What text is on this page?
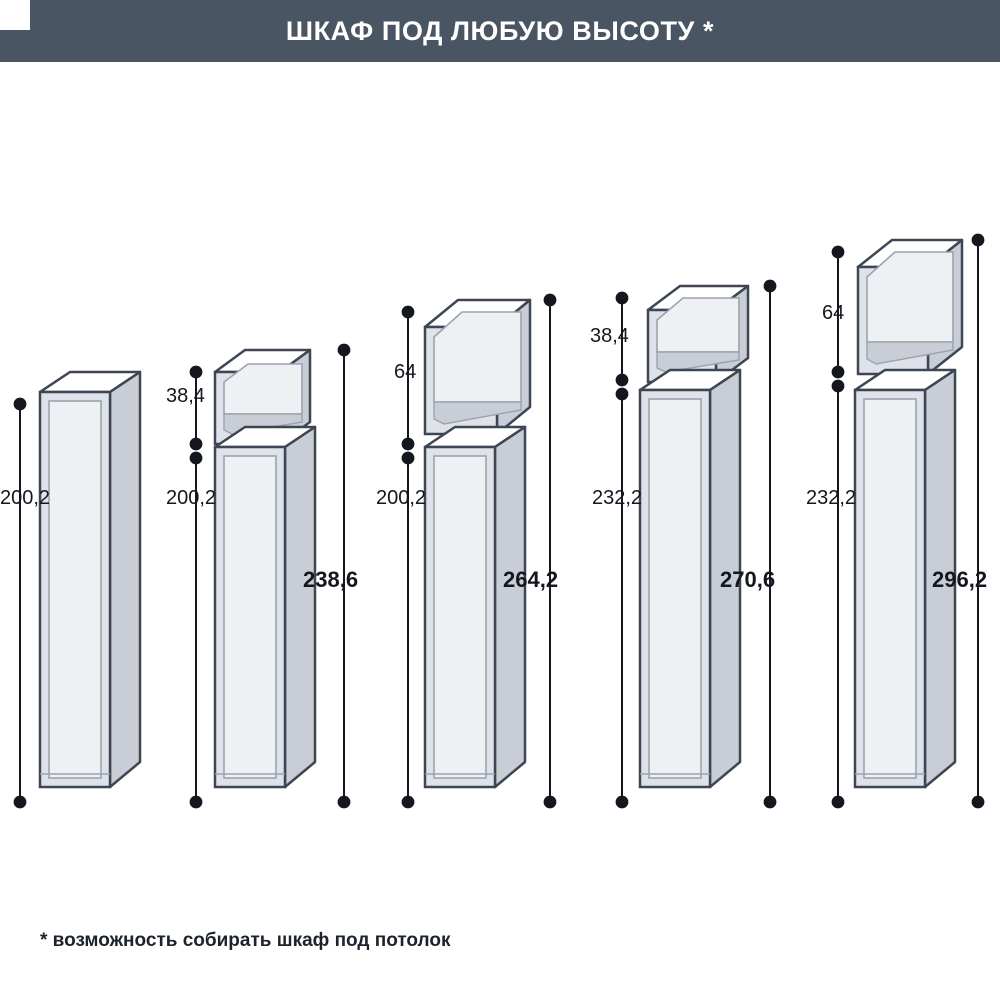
ШКАФ ПОД ЛЮБУЮ ВЫСОТУ *
200,2
38,4
200,2
238,6
64
200,2
264,2
38,4
232,2
270,6
64
232,2
296,2
* возможность собирать шкаф под потолок
